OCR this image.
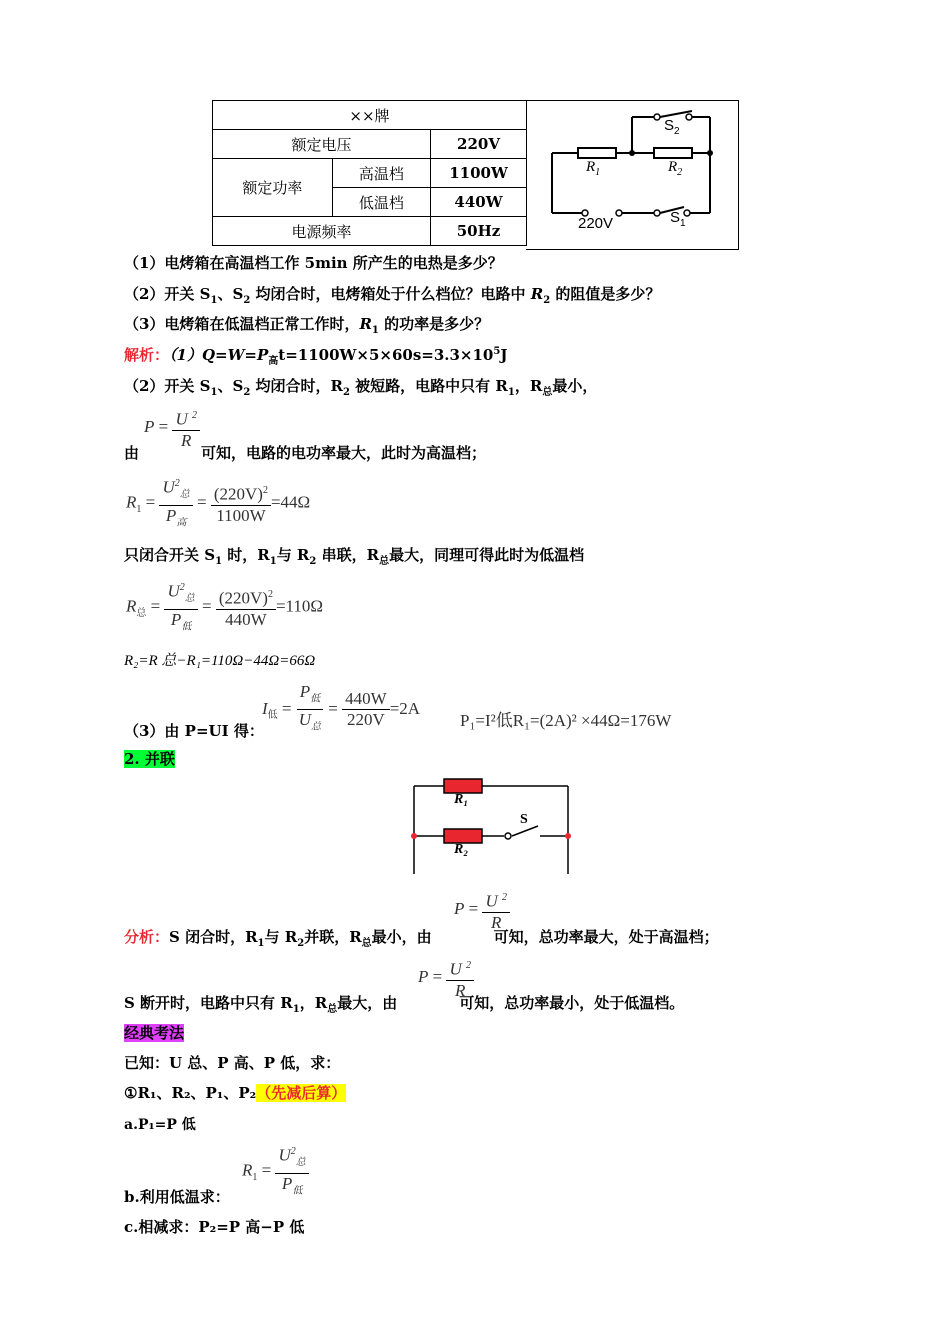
××牌		
额定电压		220V
额定功率	高温档	1100W
	低温档	440W
电源频率		50Hz
$S_2$
$R_1$	$R_2$
220V	$S_1$
（1）电烤箱在高温档工作 5min 所产生的电热是多少？
（2）开关 $S_1$、$S_2$ 均闭合时，电烤箱处于什么档位？电路中 $R_2$ 的阻值是多少？
（3）电烤箱在低温档正常工作时，$R_1$ 的功率是多少？
解析：$(1)Q=W=P_高t=1100W\times 5\times 60s=3.3\times 10^5J$
（2）开关 $S_1$、$S_2$ 均闭合时，$R_2$ 被短路，电路中只有 $R_1$，$R_总$最小，
$P = \frac{U ^2}{R}$
由	可知，电路的电功率最大，此时为高温档；
$R_1 = \frac{U^2_总}{P_高} = \frac{(220V)^2}{1100W} =44\Omega$
只闭合开关 $S_1$ 时，$R_1$与 $R_2$ 串联，$R_总$最大，同理可得此时为低温档
$R_总 = \frac{U^2_总}{P_低} = \frac{(220V)^2}{440W} =110\Omega$
R₂=R 总−R₁=110Ω−44Ω=66Ω
$I_低 = \frac{P_低}{U_总} = \frac{440W}{220V} =2A$
P₁=I²低R₁=(2A)² ×44Ω=176W
（3）由 P=UI 得：
2. 并联
R₁
R₂
S
$P = \frac{U ^2}{R}$
分析：S 闭合时，$R_1$与 $R_2$并联，$R_总$最小，由	可知，总功率最大，处于高温档；
$P = \frac{U ^2}{R}$
S 断开时，电路中只有 $R_1$，$R_总$最大，由	可知，总功率最小，处于低温档。
经典考法
已知：U 总、P 高、P 低，求：
①R₁、R₂、P₁、P₂（先减后算）
a.P₁=P 低
$R_1 = \frac{U^2_总}{P_低}$
b.利用低温求：
c.相减求：P₂=P 高−P 低
